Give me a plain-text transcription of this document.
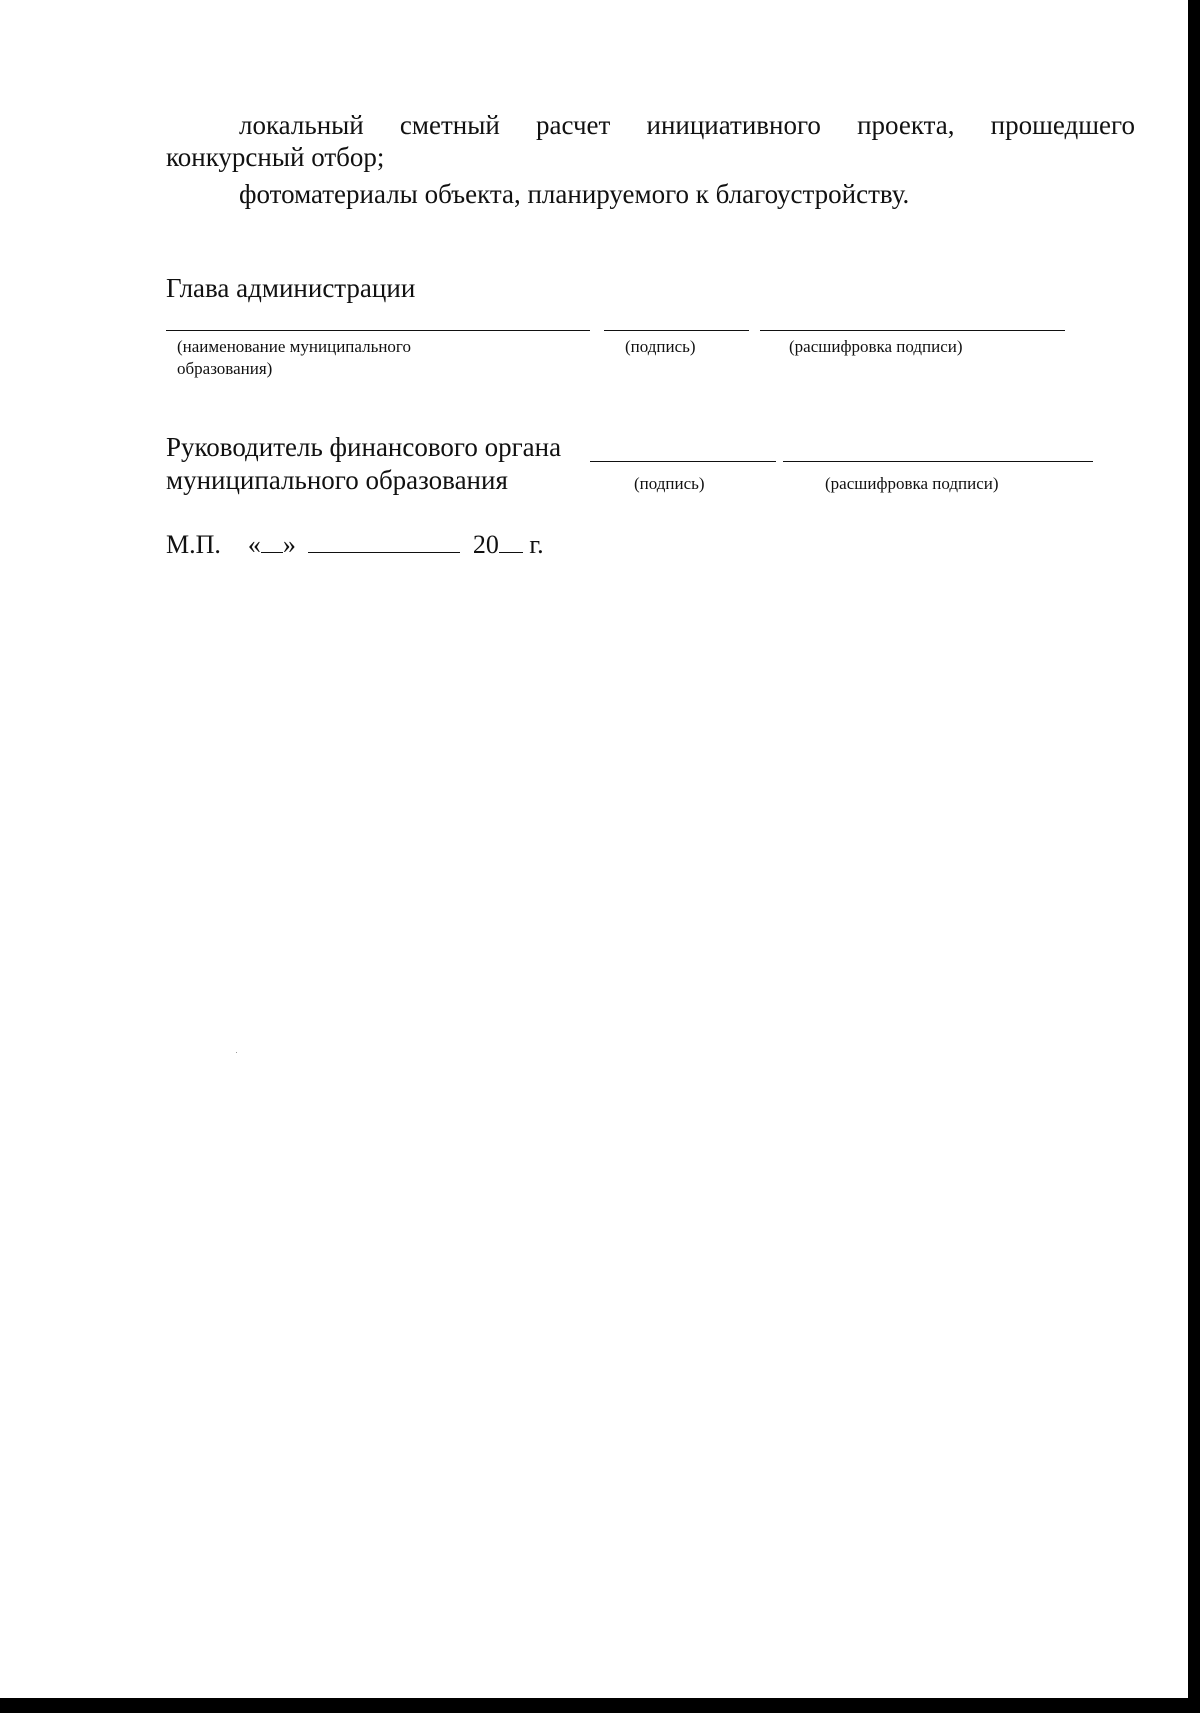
локальный сметный расчет инициативного проекта, прошедшего
конкурсный отбор;
фотоматериалы объекта, планируемого к благоустройству.
Глава администрации
(наименование муниципального
образования)
(подпись)	(расшифровка подписи)
Руководитель финансового органа
муниципального образования	(подпись)	(расшифровка подписи)
М.П. « »	20 г.
